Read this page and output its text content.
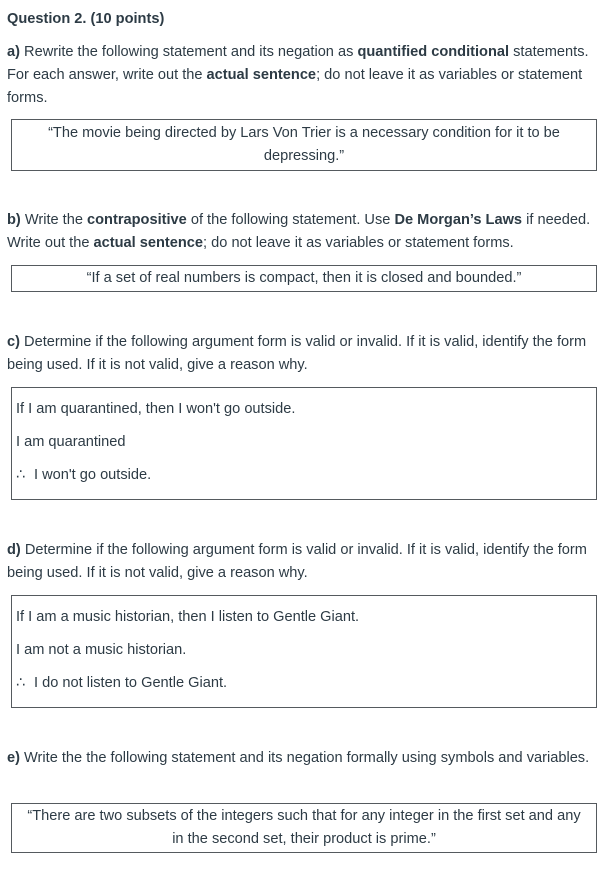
Question 2. (10 points)

a) Rewrite the following statement and its negation as quantified conditional statements. For each answer, write out the actual sentence; do not leave it as variables or statement forms.

“The movie being directed by Lars Von Trier is a necessary condition for it to be
depressing.”

b) Write the contrapositive of the following statement. Use De Morgan’s Laws if needed. Write out the actual sentence; do not leave it as variables or statement forms.

“If a set of real numbers is compact, then it is closed and bounded.”

c) Determine if the following argument form is valid or invalid. If it is valid, identify the form being used. If it is not valid, give a reason why.

If I am quarantined, then I won't go outside.
I am quarantined
∴ I won't go outside.

d) Determine if the following argument form is valid or invalid. If it is valid, identify the form being used. If it is not valid, give a reason why.

If I am a music historian, then I listen to Gentle Giant.
I am not a music historian.
∴ I do not listen to Gentle Giant.

e) Write the the following statement and its negation formally using symbols and variables.

“There are two subsets of the integers such that for any integer in the first set and any
in the second set, their product is prime.”
